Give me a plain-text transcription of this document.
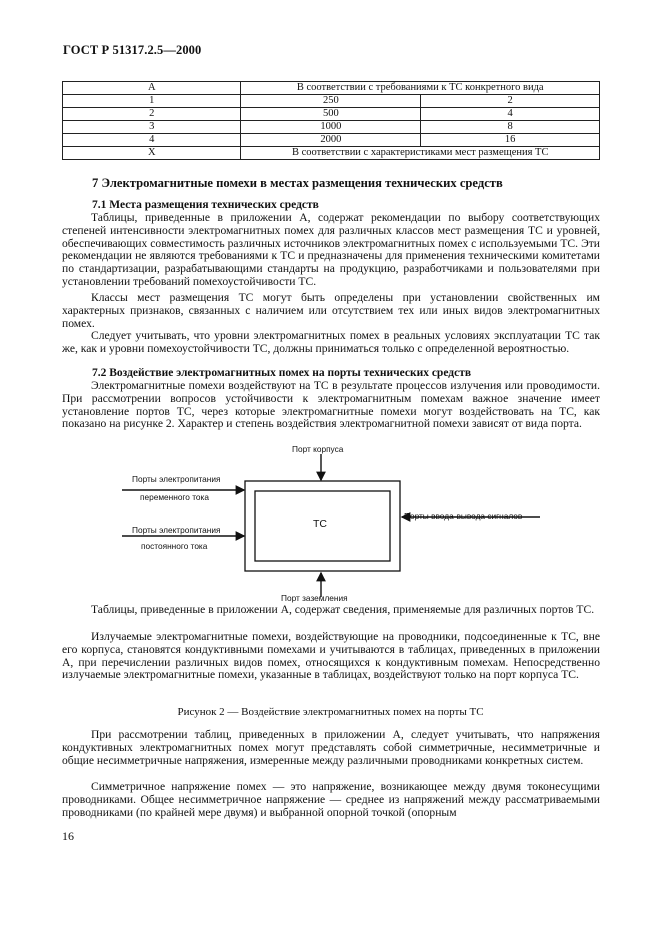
ГОСТ Р 51317.2.5—2000
А	В соответствии с требованиями к ТС конкретного вида	
1	250	2
2	500	4
3	1000	8
4	2000	16
Х	В соответствии с характеристиками мест размещения ТС	
7 Электромагнитные помехи в местах размещения технических средств
7.1 Места размещения технических средств

Таблицы, приведенные в приложении А, содержат рекомендации по выбору соответствующих степеней интенсивности электромагнитных помех для различных классов мест размещения ТС и уровней, обеспечивающих совместимость различных источников электромагнитных помех с используемыми ТС. Эти рекомендации не являются требованиями к ТС и предназначены для применения техническими комитетами по стандартизации, разрабатывающими стандарты на продукцию, разработчиками и пользователями при установлении требований помехоустойчивости ТС.

Классы мест размещения ТС могут быть определены при установлении свойственных им характерных признаков, связанных с наличием или отсутствием тех или иных видов электромагнитных помех.

Следует учитывать, что уровни электромагнитных помех в реальных условиях эксплуатации ТС так же, как и уровни помехоустойчивости ТС, должны приниматься только с определенной вероятностью.

7.2 Воздействие электромагнитных помех на порты технических средств

Электромагнитные помехи воздействуют на ТС в результате процессов излучения или проводимости. При рассмотрении вопросов устойчивости к электромагнитным помехам важное значение имеет установление портов ТС, через которые электромагнитные помехи могут воздействовать на ТС, как показано на рисунке 2. Характер и степень воздействия электромагнитной помехи зависят от вида порта.

Порт корпуса
Порты электропитания
переменного тока
Порты электропитания
постоянного тока
Порты ввода-вывода сигналов
Порт заземления
ТС

Таблицы, приведенные в приложении А, содержат сведения, применяемые для различных портов ТС.

Излучаемые электромагнитные помехи, воздействующие на проводники, подсоединенные к ТС, вне его корпуса, становятся кондуктивными помехами и учитываются в таблицах, приведенных в приложении А, при перечислении различных видов помех, относящихся к кондуктивным помехам. Непосредственно излучаемые электромагнитные помехи, указанные в таблицах, воздействуют только на порт корпуса ТС.

Рисунок 2 — Воздействие электромагнитных помех на порты ТС

При рассмотрении таблиц, приведенных в приложении А, следует учитывать, что напряжения кондуктивных электромагнитных помех могут представлять собой симметричные, несимметричные и общие несимметричные напряжения, измеренные между различными проводниками конкретных систем.

Симметричное напряжение помех — это напряжение, возникающее между двумя токонесущими проводниками. Общее несимметричное напряжение — среднее из напряжений между рассматриваемыми проводниками (по крайней мере двумя) и выбранной опорной точкой (опорным

16
